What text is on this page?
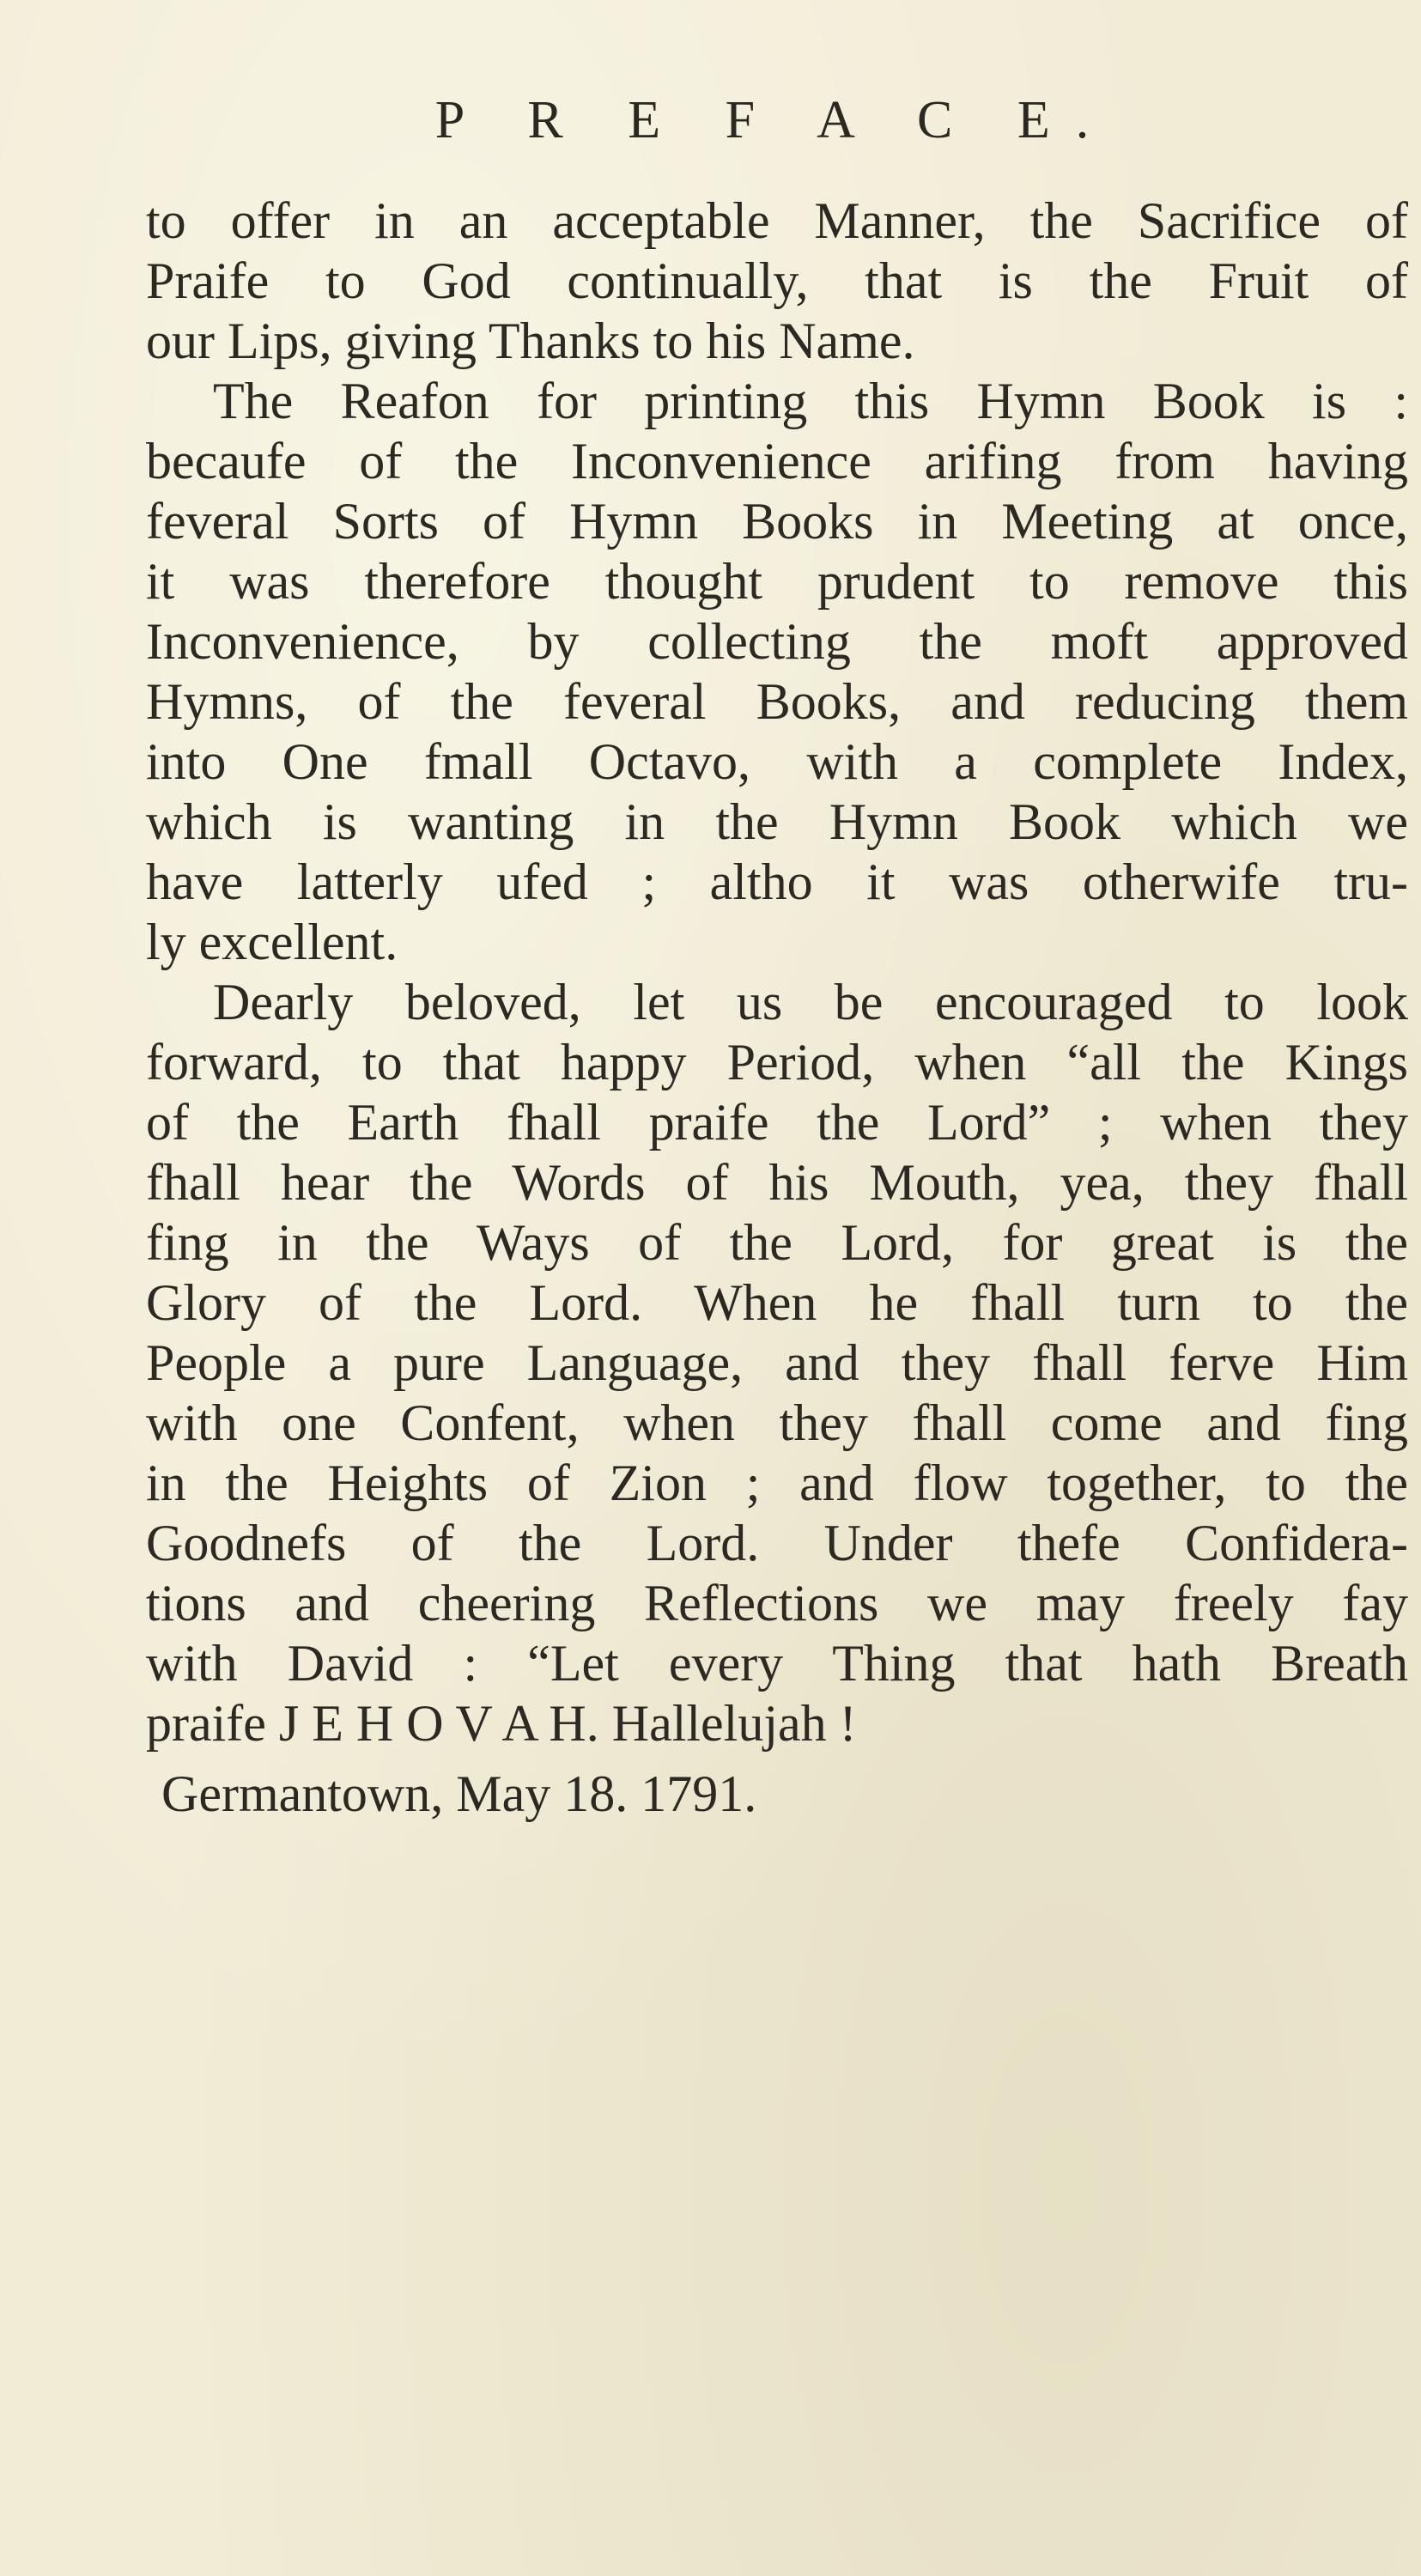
P R E F A C E.
to offer in an acceptable Manner, the Sacrifice of
Praife to God continually, that is the Fruit of
our Lips, giving Thanks to his Name.
The Reafon for printing this Hymn Book is :
becaufe of the Inconvenience arifing from having
feveral Sorts of Hymn Books in Meeting at once,
it was therefore thought prudent to remove this
Inconvenience, by collecting the moft approved
Hymns, of the feveral Books, and reducing them
into One fmall Octavo, with a complete Index,
which is wanting in the Hymn Book which we
have latterly ufed ; altho it was otherwife tru-
ly excellent.
Dearly beloved, let us be encouraged to look
forward, to that happy Period, when “all the Kings
of the Earth fhall praife the Lord” ; when they
fhall hear the Words of his Mouth, yea, they fhall
fing in the Ways of the Lord, for great is the
Glory of the Lord. When he fhall turn to the
People a pure Language, and they fhall ferve Him
with one Confent, when they fhall come and fing
in the Heights of Zion ; and flow together, to the
Goodnefs of the Lord. Under thefe Confidera-
tions and cheering Reflections we may freely fay
with David : “Let every Thing that hath Breath
praife J E H O V A H. Hallelujah !
Germantown, May 18. 1791.
